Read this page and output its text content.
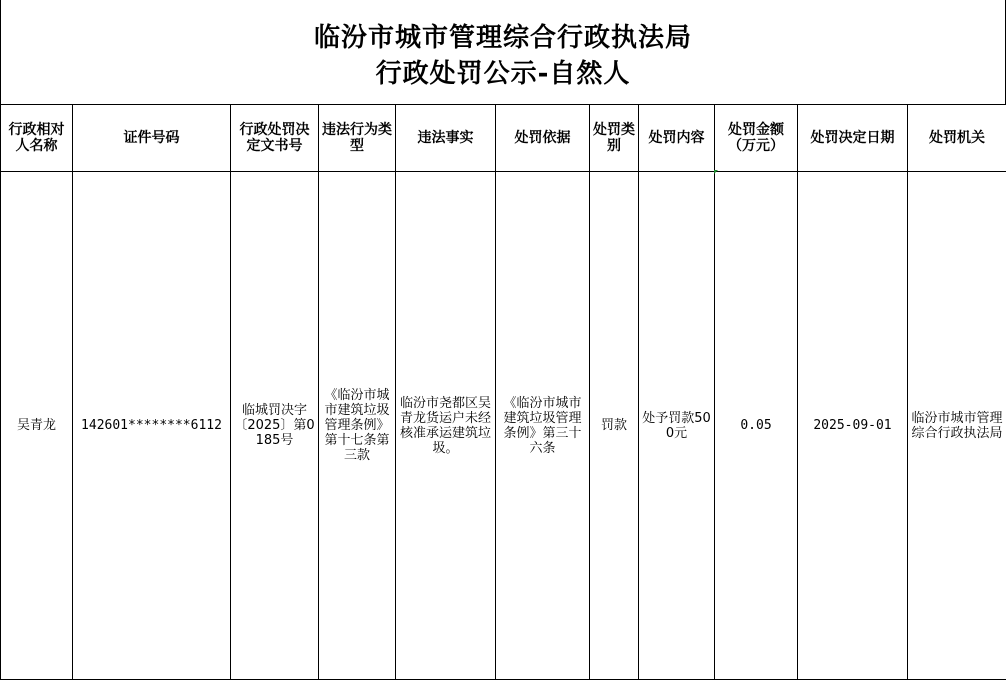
临汾市城市管理综合行政执法局
行政处罚公示-自然人
行政相对人名称	证件号码	行政处罚决定文书号	违法行为类型	违法事实	处罚依据	处罚类别	处罚内容	处罚金额（万元）	处罚决定日期	处罚机关
吴青龙	142601********6112	临城罚决字〔2025〕第0185号	《临汾市城市建筑垃圾管理条例》第十七条第三款	临汾市尧都区吴青龙货运户未经核准承运建筑垃圾。	《临汾市城市建筑垃圾管理条例》第三十六条	罚款	处予罚款500元	0.05	2025-09-01	临汾市城市管理综合行政执法局
